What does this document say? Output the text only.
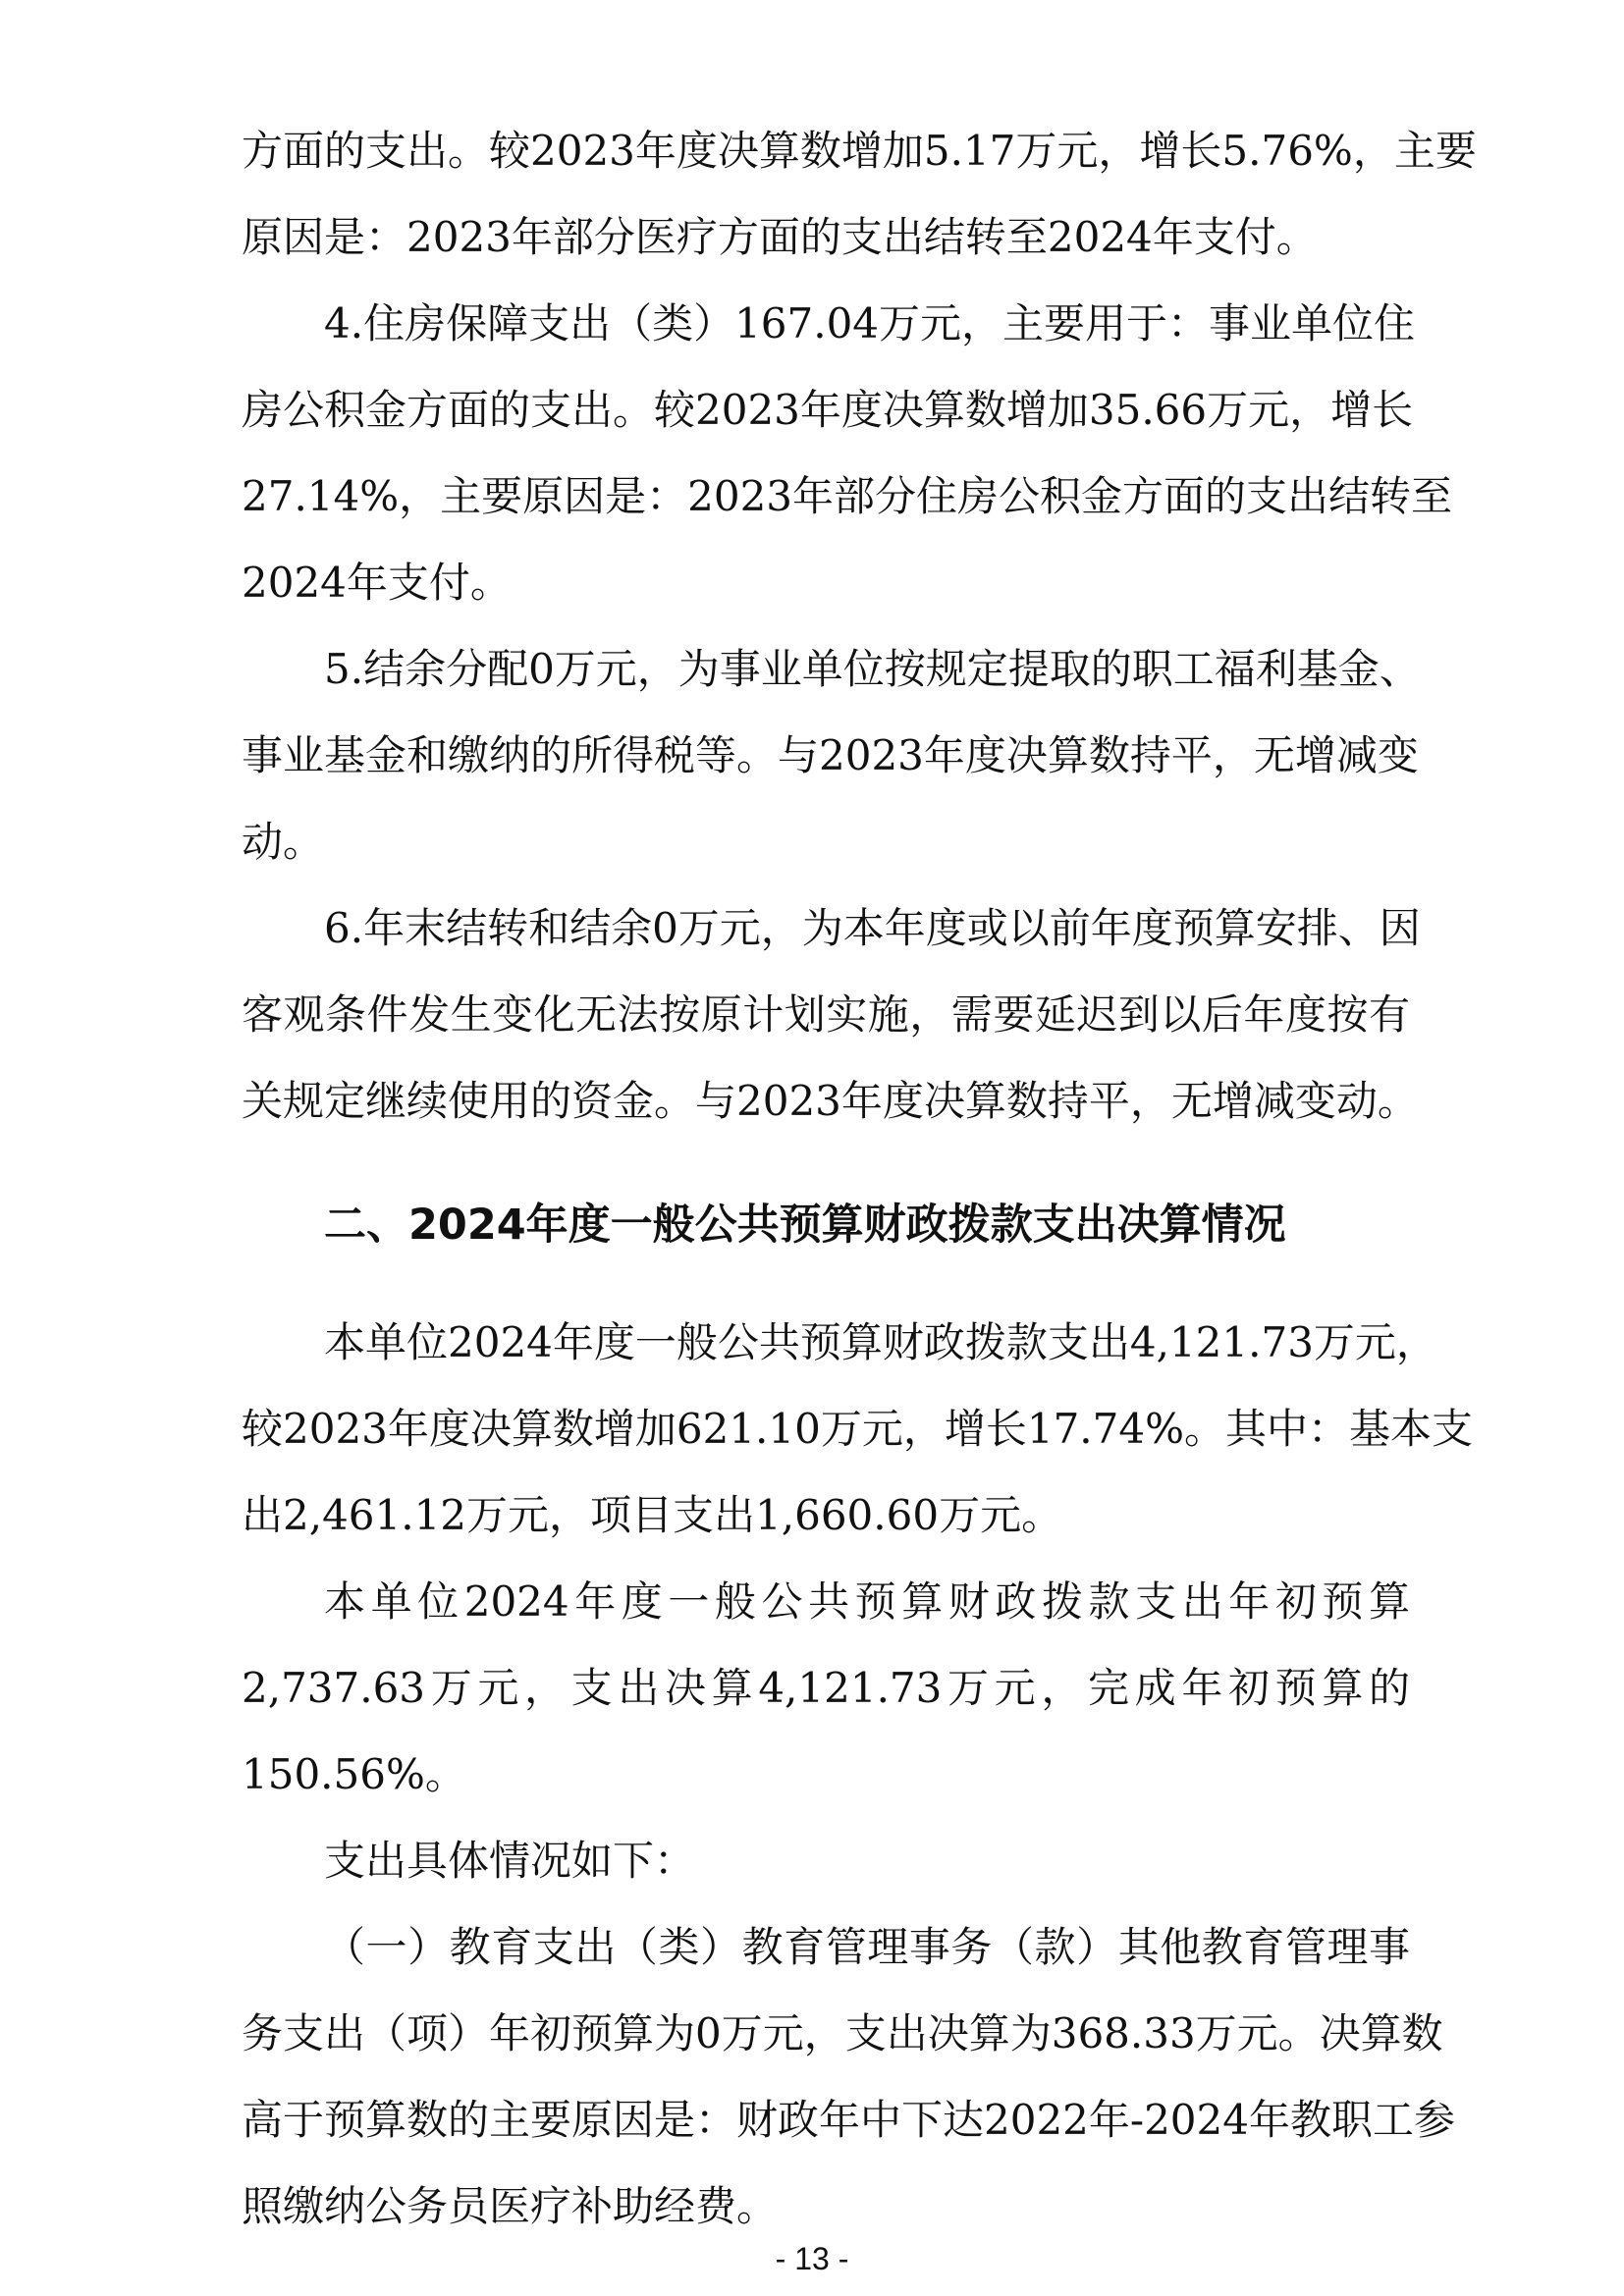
方面的支出。较2023年度决算数增加5.17万元，增长5.76%，主要
原因是：2023年部分医疗方面的支出结转至2024年支付。
4.住房保障支出（类）167.04万元，主要用于：事业单位住
房公积金方面的支出。较2023年度决算数增加35.66万元，增长
27.14%，主要原因是：2023年部分住房公积金方面的支出结转至
2024年支付。
5.结余分配0万元，为事业单位按规定提取的职工福利基金、
事业基金和缴纳的所得税等。与2023年度决算数持平，无增减变
动。
6.年末结转和结余0万元，为本年度或以前年度预算安排、因
客观条件发生变化无法按原计划实施，需要延迟到以后年度按有
关规定继续使用的资金。与2023年度决算数持平，无增减变动。
二、2024年度一般公共预算财政拨款支出决算情况
本单位2024年度一般公共预算财政拨款支出4,121.73万元，
较2023年度决算数增加621.10万元，增长17.74%。其中：基本支
出2,461.12万元，项目支出1,660.60万元。
本单位2024年度一般公共预算财政拨款支出年初预算
2,737.63万元，支出决算4,121.73万元，完成年初预算的
150.56%。
支出具体情况如下：
（一）教育支出（类）教育管理事务（款）其他教育管理事
务支出（项）年初预算为0万元，支出决算为368.33万元。决算数
高于预算数的主要原因是：财政年中下达2022年-2024年教职工参
照缴纳公务员医疗补助经费。
- 13 -
